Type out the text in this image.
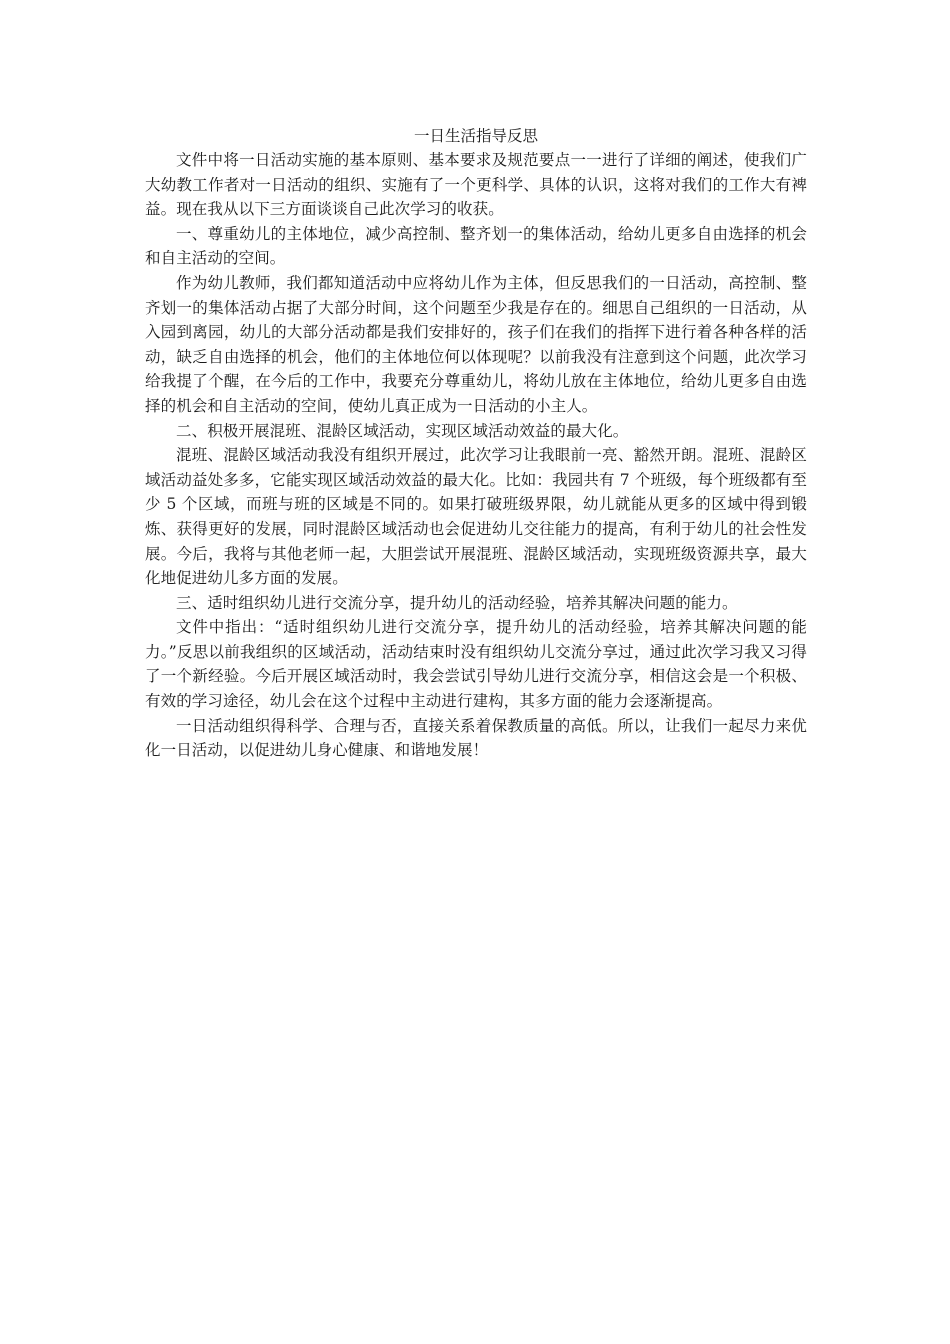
一日生活指导反思

文件中将一日活动实施的基本原则、基本要求及规范要点一一进行了详细的阐述，使我们广大幼教工作者对一日活动的组织、实施有了一个更科学、具体的认识，这将对我们的工作大有裨益。现在我从以下三方面谈谈自己此次学习的收获。

一、尊重幼儿的主体地位，减少高控制、整齐划一的集体活动，给幼儿更多自由选择的机会和自主活动的空间。

作为幼儿教师，我们都知道活动中应将幼儿作为主体，但反思我们的一日活动，高控制、整齐划一的集体活动占据了大部分时间，这个问题至少我是存在的。细思自己组织的一日活动，从入园到离园，幼儿的大部分活动都是我们安排好的，孩子们在我们的指挥下进行着各种各样的活动，缺乏自由选择的机会，他们的主体地位何以体现呢？以前我没有注意到这个问题，此次学习给我提了个醒，在今后的工作中，我要充分尊重幼儿，将幼儿放在主体地位，给幼儿更多自由选择的机会和自主活动的空间，使幼儿真正成为一日活动的小主人。

二、积极开展混班、混龄区域活动，实现区域活动效益的最大化。

混班、混龄区域活动我没有组织开展过，此次学习让我眼前一亮、豁然开朗。混班、混龄区域活动益处多多，它能实现区域活动效益的最大化。比如：我园共有 7 个班级，每个班级都有至少 5 个区域，而班与班的区域是不同的。如果打破班级界限，幼儿就能从更多的区域中得到锻炼、获得更好的发展，同时混龄区域活动也会促进幼儿交往能力的提高，有利于幼儿的社会性发展。今后，我将与其他老师一起，大胆尝试开展混班、混龄区域活动，实现班级资源共享，最大化地促进幼儿多方面的发展。

三、适时组织幼儿进行交流分享，提升幼儿的活动经验，培养其解决问题的能力。

文件中指出：“适时组织幼儿进行交流分享，提升幼儿的活动经验，培养其解决问题的能力。”反思以前我组织的区域活动，活动结束时没有组织幼儿交流分享过，通过此次学习我又习得了一个新经验。今后开展区域活动时，我会尝试引导幼儿进行交流分享，相信这会是一个积极、有效的学习途径，幼儿会在这个过程中主动进行建构，其多方面的能力会逐渐提高。

一日活动组织得科学、合理与否，直接关系着保教质量的高低。所以，让我们一起尽力来优化一日活动，以促进幼儿身心健康、和谐地发展！
